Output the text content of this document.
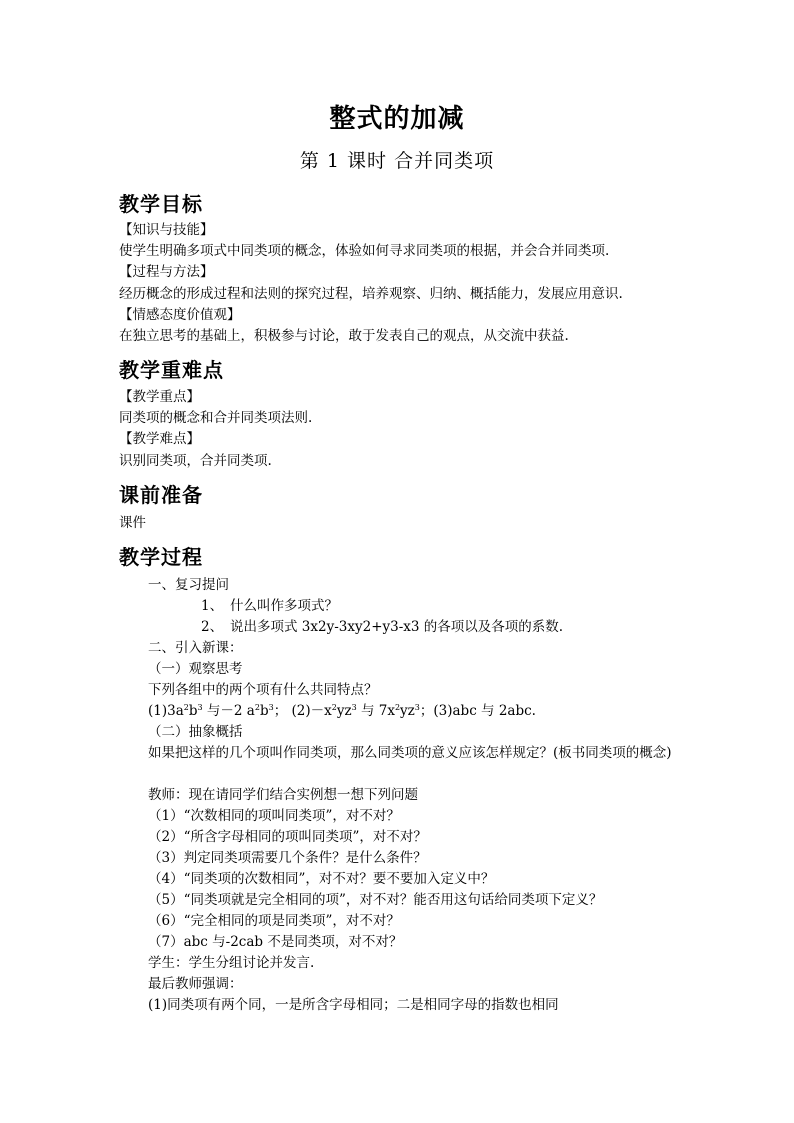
整式的加减
第 1 课时 合并同类项
教学目标
【知识与技能】
使学生明确多项式中同类项的概念，体验如何寻求同类项的根据，并会合并同类项.
【过程与方法】
经历概念的形成过程和法则的探究过程，培养观察、归纳、概括能力，发展应用意识.
【情感态度价值观】
在独立思考的基础上，积极参与讨论，敢于发表自己的观点，从交流中获益.
教学重难点
【教学重点】
同类项的概念和合并同类项法则.
【教学难点】
识别同类项，合并同类项.
课前准备
课件
教学过程
一、复习提问
1、 什么叫作多项式？
2、 说出多项式 3x2y-3xy2+y3-x3 的各项以及各项的系数.
二、引入新课：
（一）观察思考
下列各组中的两个项有什么共同特点？
$(1)3a^2b^3$ 与－2 $a^2b^3$； $(2)-x^2yz^3$ 与 $7x^2yz^3$；(3)abc 与 2abc.
（二）抽象概括
如果把这样的几个项叫作同类项，那么同类项的意义应该怎样规定？(板书同类项的概念)
教师：现在请同学们结合实例想一想下列问题
（1）“次数相同的项叫同类项”，对不对？
（2）“所含字母相同的项叫同类项”，对不对？
（3）判定同类项需要几个条件？是什么条件？
（4）“同类项的次数相同”，对不对？要不要加入定义中？
（5）“同类项就是完全相同的项”，对不对？能否用这句话给同类项下定义？
（6）“完全相同的项是同类项”，对不对？
（7）abc 与-2cab 不是同类项，对不对？
学生：学生分组讨论并发言.
最后教师强调：
(1)同类项有两个同，一是所含字母相同；二是相同字母的指数也相同
